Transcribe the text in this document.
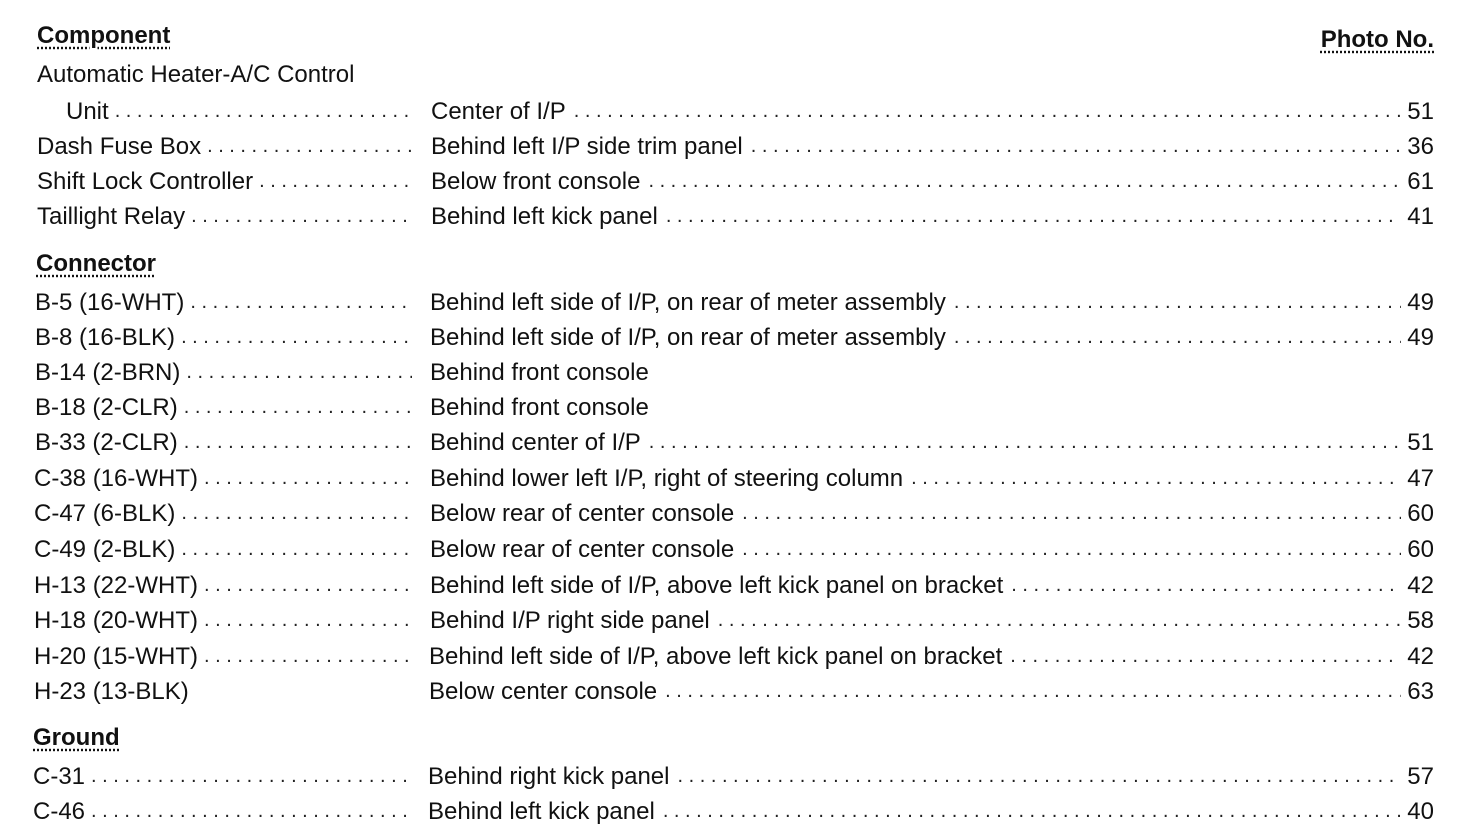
Component	Photo No.
Automatic Heater-A/C Control
Unit . . .	Center of I/P . . .	51
Dash Fuse Box . . .	Behind left I/P side trim panel . . .	36
Shift Lock Controller . . .	Below front console . . .	61
Taillight Relay . . .	Behind left kick panel . . .	41
Connector
B-5 (16-WHT) . . .	Behind left side of I/P, on rear of meter assembly . . .	49
B-8 (16-BLK) . . .	Behind left side of I/P, on rear of meter assembly . . .	49
B-14 (2-BRN) . . .	Behind front console
B-18 (2-CLR) . . .	Behind front console
B-33 (2-CLR) . . .	Behind center of I/P . . .	51
C-38 (16-WHT) . . .	Behind lower left I/P, right of steering column . . .	47
C-47 (6-BLK) . . .	Below rear of center console . . .	60
C-49 (2-BLK) . . .	Below rear of center console . . .	60
H-13 (22-WHT) . . .	Behind left side of I/P, above left kick panel on bracket . . .	42
H-18 (20-WHT) . . .	Behind I/P right side panel . . .	58
H-20 (15-WHT) . . .	Behind left side of I/P, above left kick panel on bracket . . .	42
H-23 (13-BLK)	Below center console . . .	63
Ground
C-31 . . .	Behind right kick panel . . .	57
C-46 . . .	Behind left kick panel . . .	40
